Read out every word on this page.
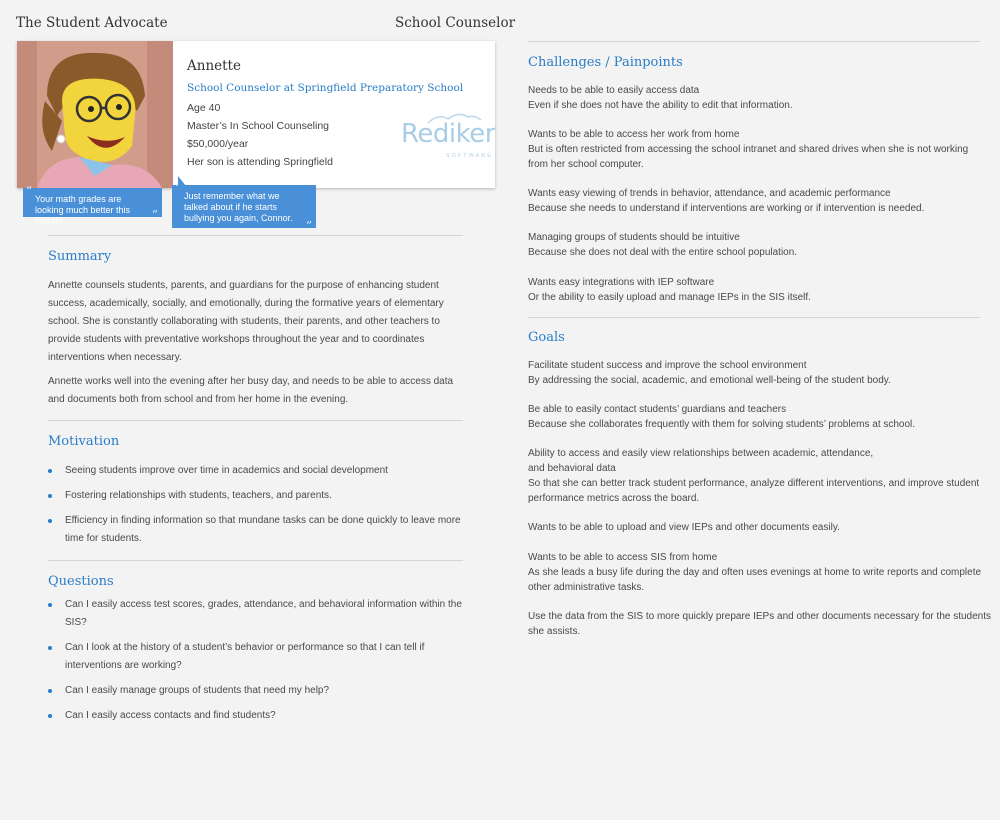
The Student Advocate	School Counselor
Annette
School Counselor at Springfield Preparatory School
Age 40
Master’s In School Counseling
$50,000/year
Her son is attending Springfield
Rediker
SOFTWARE
“
Your math grades are looking much better this month!	”
“
Just remember what we talked about if he starts bullying you again, Connor.
”
Summary
Annette counsels students, parents, and guardians for the purpose of enhancing student success, academically, socially, and emotionally, during the formative years of elementary school. She is constantly collaborating with students, their parents, and other teachers to provide students with preventative workshops throughout the year and to coordinates interventions when necessary.
Annette works well into the evening after her busy day, and needs to be able to access data and documents both from school and from her home in the evening.
Motivation
Seeing students improve over time in academics and social development
Fostering relationships with students, teachers, and parents.
Efficiency in finding information so that mundane tasks can be done quickly to leave more time for students.
Questions
Can I easily access test scores, grades, attendance, and behavioral information within the SIS?
Can I look at the history of a student’s behavior or performance so that I can tell if interventions are working?
Can I easily manage groups of students that need my help?
Can I easily access contacts and find students?
Challenges / Painpoints
Needs to be able to easily access data
Even if she does not have the ability to edit that information.
Wants to be able to access her work from home
But is often restricted from accessing the school intranet and shared drives when she is not working
from her school computer.
Wants easy viewing of trends in behavior, attendance, and academic performance
Because she needs to understand if interventions are working or if intervention is needed.
Managing groups of students should be intuitive
Because she does not deal with the entire school population.
Wants easy integrations with IEP software
Or the ability to easily upload and manage IEPs in the SIS itself.
Goals
Facilitate student success and improve the school environment
By addressing the social, academic, and emotional well-being of the student body.
Be able to easily contact students’ guardians and teachers
Because she collaborates frequently with them for solving students’ problems at school.
Ability to access and easily view relationships between academic, attendance,
and behavioral data
So that she can better track student performance, analyze different interventions, and improve student
performance metrics across the board.
Wants to be able to upload and view IEPs and other documents easily.
Wants to be able to access SIS from home
As she leads a busy life during the day and often uses evenings at home to write reports and complete
other administrative tasks.
Use the data from the SIS to more quickly prepare IEPs and other documents necessary for the students
she assists.
